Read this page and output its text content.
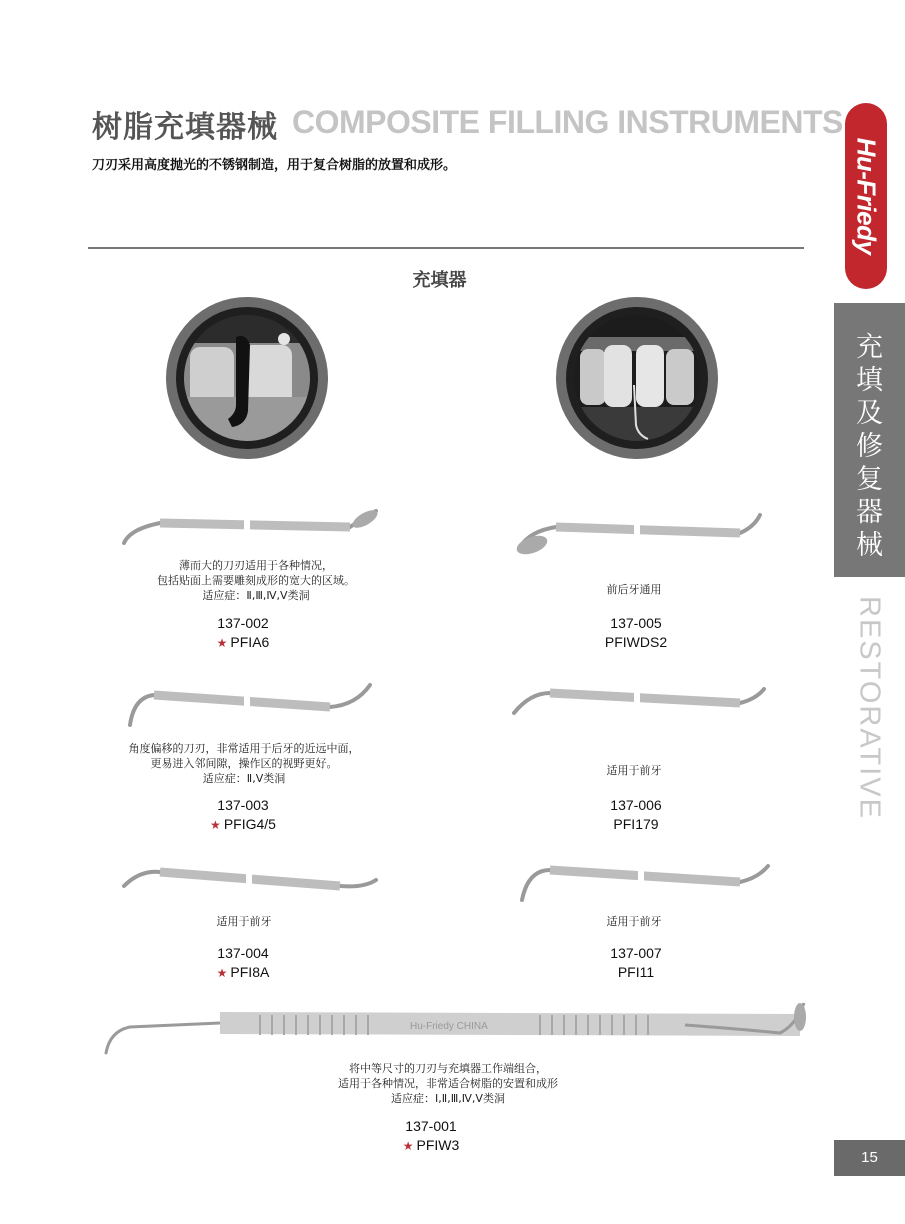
树脂充填器械 COMPOSITE FILLING INSTRUMENTS
刀刃采用高度抛光的不锈钢制造，用于复合树脂的放置和成形。
充填器
Hu-Friedy
充
填
及
修
复
器
械
RESTORATIVE
Hu-Friedy CHINA
薄而大的刀刃适用于各种情况，
包括贴面上需要雕刻成形的宽大的区域。
适应症：Ⅱ,Ⅲ,Ⅳ,Ⅴ类洞
137-002
★ PFIA6
前后牙通用
137-005
PFIWDS2
角度偏移的刀刃，非常适用于后牙的近远中面，
更易进入邻间隙，操作区的视野更好。
适应症：Ⅱ,Ⅴ类洞
137-003
★ PFIG4/5
适用于前牙
137-006
PFI179
适用于前牙
137-004
★ PFI8A
适用于前牙
137-007
PFI11
将中等尺寸的刀刃与充填器工作端组合，
适用于各种情况，非常适合树脂的安置和成形
适应症：Ⅰ,Ⅱ,Ⅲ,Ⅳ,Ⅴ类洞
137-001
★ PFIW3
15
